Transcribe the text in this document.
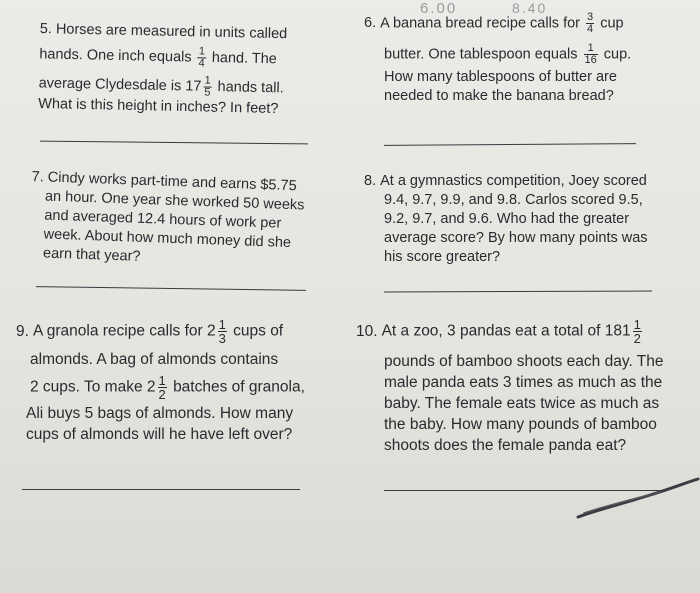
6.00	8.40
5. Horses are measured in units called
hands. One inch equals $\frac{1}{4}$ hand. The
average Clydesdale is $17 \frac{1}{5}$ hands tall.
What is this height in inches? In feet?
6. A banana bread recipe calls for $\frac{3}{4}$ cup
butter. One tablespoon equals $\frac{1}{16}$ cup.
How many tablespoons of butter are
needed to make the banana bread?
7. Cindy works part-time and earns $5.75
an hour. One year she worked 50 weeks
and averaged 12.4 hours of work per
week. About how much money did she
earn that year?
8. At a gymnastics competition, Joey scored
9.4, 9.7, 9.9, and 9.8. Carlos scored 9.5,
9.2, 9.7, and 9.6. Who had the greater
average score? By how many points was
his score greater?
9. A granola recipe calls for $2 \frac{1}{3}$ cups of
almonds. A bag of almonds contains
2 cups. To make $2 \frac{1}{2}$ batches of granola,
Ali buys 5 bags of almonds. How many
cups of almonds will he have left over?
10. At a zoo, 3 pandas eat a total of $181 \frac{1}{2}$
pounds of bamboo shoots each day. The
male panda eats 3 times as much as the
baby. The female eats twice as much as
the baby. How many pounds of bamboo
shoots does the female panda eat?
